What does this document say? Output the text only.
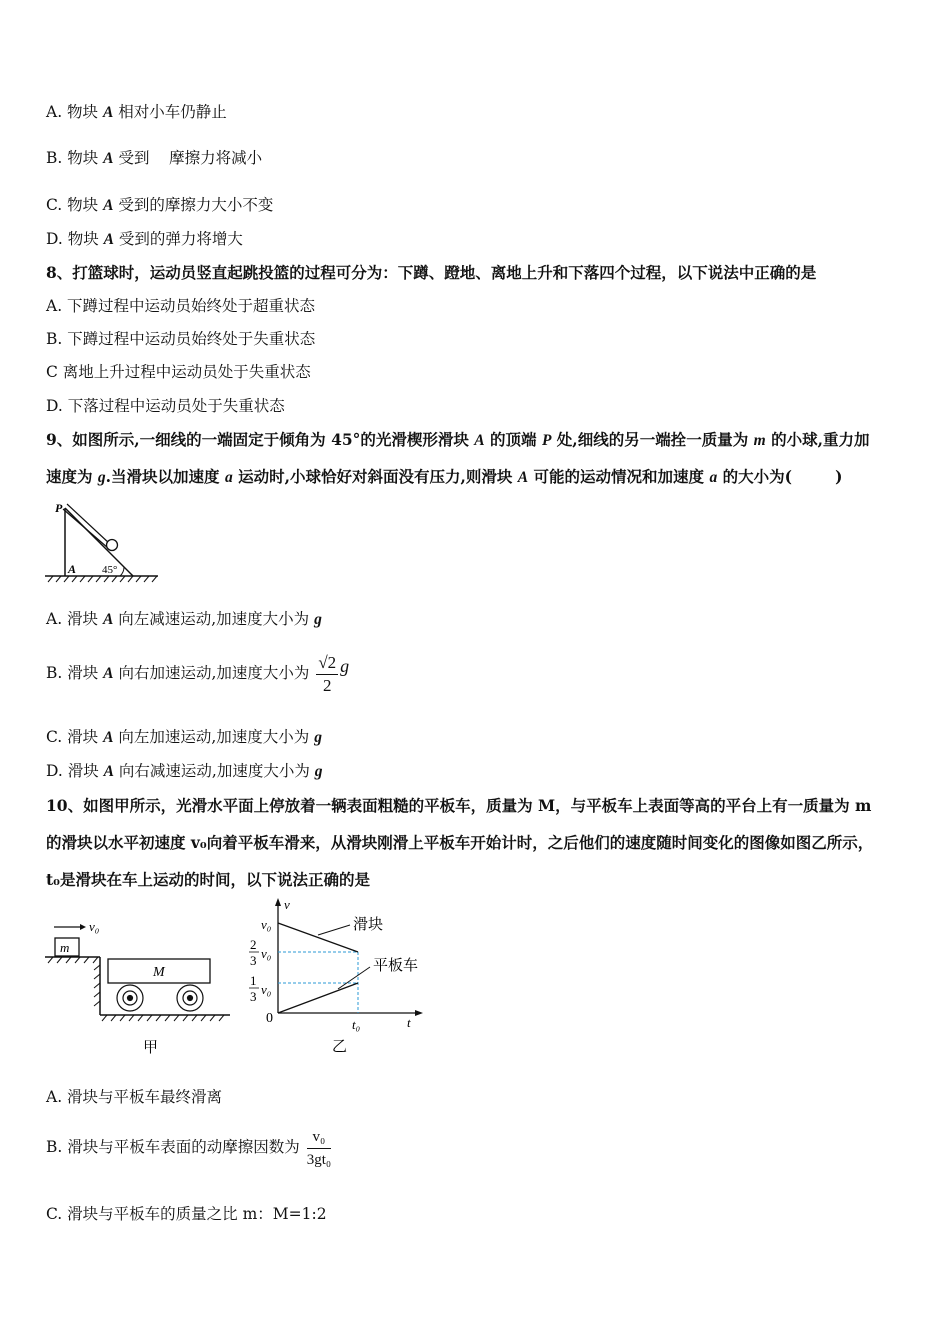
A. 物块 A 相对小车仍静止
B. 物块 A 受到    摩擦力将减小
C. 物块 A 受到的摩擦力大小不变
D. 物块 A 受到的弹力将增大
8、打篮球时，运动员竖直起跳投篮的过程可分为：下蹲、蹬地、离地上升和下落四个过程，以下说法中正确的是
A. 下蹲过程中运动员始终处于超重状态
B. 下蹲过程中运动员始终处于失重状态
C 离地上升过程中运动员处于失重状态
D. 下落过程中运动员处于失重状态
9、如图所示,一细线的一端固定于倾角为 45°的光滑楔形滑块 A 的顶端 P 处,细线的另一端拴一质量为 m 的小球,重力加
速度为 g.当滑块以加速度 a 运动时,小球恰好对斜面没有压力,则滑块 A 可能的运动情况和加速度 a 的大小为(        )
P
A 45°
A. 滑块 A 向左减速运动,加速度大小为 g
B. 滑块 A 向右加速运动,加速度大小为 $\frac{√2}{2}$ g
C. 滑块 A 向左加速运动,加速度大小为 g
D. 滑块 A 向右减速运动,加速度大小为 g
10、如图甲所示，光滑水平面上停放着一辆表面粗糙的平板车，质量为 M，与平板车上表面等高的平台上有一质量为 m
的滑块以水平初速度 v₀向着平板车滑来，从滑块刚滑上平板车开始计时，之后他们的速度随时间变化的图像如图乙所示，
t₀是滑块在车上运动的时间，以下说法正确的是
v₀
m
M
甲
v
t
0
v₀
2
3 v₀
1
3 v₀
滑块
平板车
t₀
乙
A. 滑块与平板车最终滑离
B. 滑块与平板车表面的动摩擦因数为 $\frac{\text{v₀}}{\text{3gt₀}}$
C. 滑块与平板车的质量之比 m：M=1:2
